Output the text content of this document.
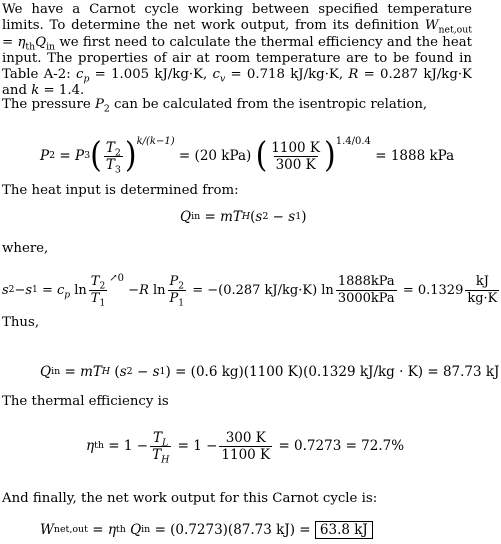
We have a Carnot cycle working between specified temperature limits. To determine the net work output, from its definition $W_{net,out} = \eta_{th}Q_{in}$ we first need to calculate the thermal efficiency and the heat input. The properties of air at room temperature are to be found in Table A-2: $c_p = 1.005$ kJ/kg·K, $c_v = 0.718$ kJ/kg·K, R = 0.287 kJ/kg·K and k = 1.4.
The pressure $P_2$ can be calculated from the isentropic relation,
P 2 = P 3 ( $\frac{T_2}{T_3} )^{k/(k-1)}$
= (20 kPa)
( $\frac{1100 K}{300 K} )^{1.4/0.4}$

= 1888 kPa
The heat input is determined from:
Q in = mT H ( s 2 − s 1 )
where,
s 2 − s $1 = c_p$ $\ln \frac{T_2}{T_1}$ ↗0
− R $\ln \frac{P_2}{P_1}$
= −(0.287 kJ/kg·K) $\ln \frac{\text{1888kPa}}{\text{3000kPa}}$
= $0.1329 \frac{kJ}{kg\cdot K}$
Thus,
Q in = mT H ( s 2 − s 1 ) = (0.6 kg)(1100 K)(0.1329 kJ/kg · K) = 87.73 kJ
The thermal efficiency is
η th = $1 - \frac{T_L}{T_H}$
= $1 - \frac{300 K}{1100 K}$
= 0.7273 = 72.7%
And finally, the net work output for this Carnot cycle is:
W net,out = η th
Q in
= (0.7273)(87.73 kJ) =
63.8 kJ
